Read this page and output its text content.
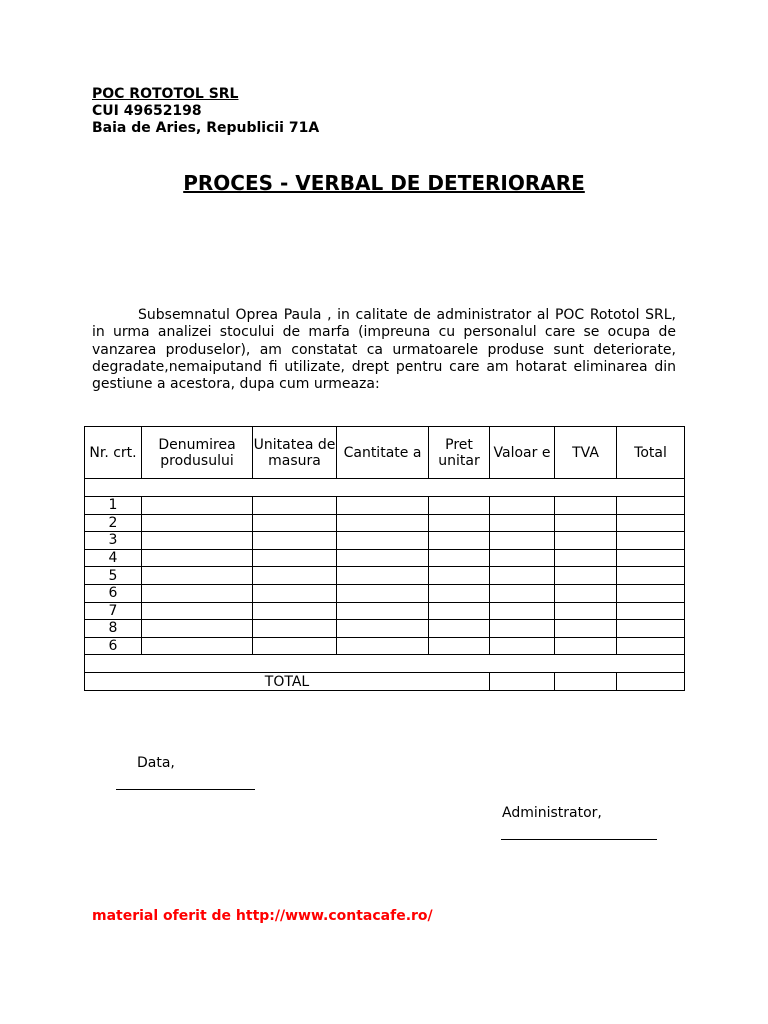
POC ROTOTOL SRL
CUI 49652198
Baia de Aries, Republicii 71A
PROCES - VERBAL DE DETERIORARE
Subsemnatul Oprea Paula , in calitate de administrator al POC Rototol SRL, in urma analizei stocului de marfa (impreuna cu personalul care se ocupa de vanzarea produselor), am constatat ca urmatoarele produse sunt deteriorate, degradate,nemaiputand fi utilizate, drept pentru care am hotarat eliminarea din gestiune a acestora, dupa cum urmeaza:
Nr. crt.	Denumirea produsului	Unitatea de masura	Cantitate a	Pret unitar	Valoar e	TVA	Total

1							
2							
3							
4							
5							
6							
7							
8							
6							

TOTAL							
Data,
Administrator,
material oferit de http://www.contacafe.ro/
